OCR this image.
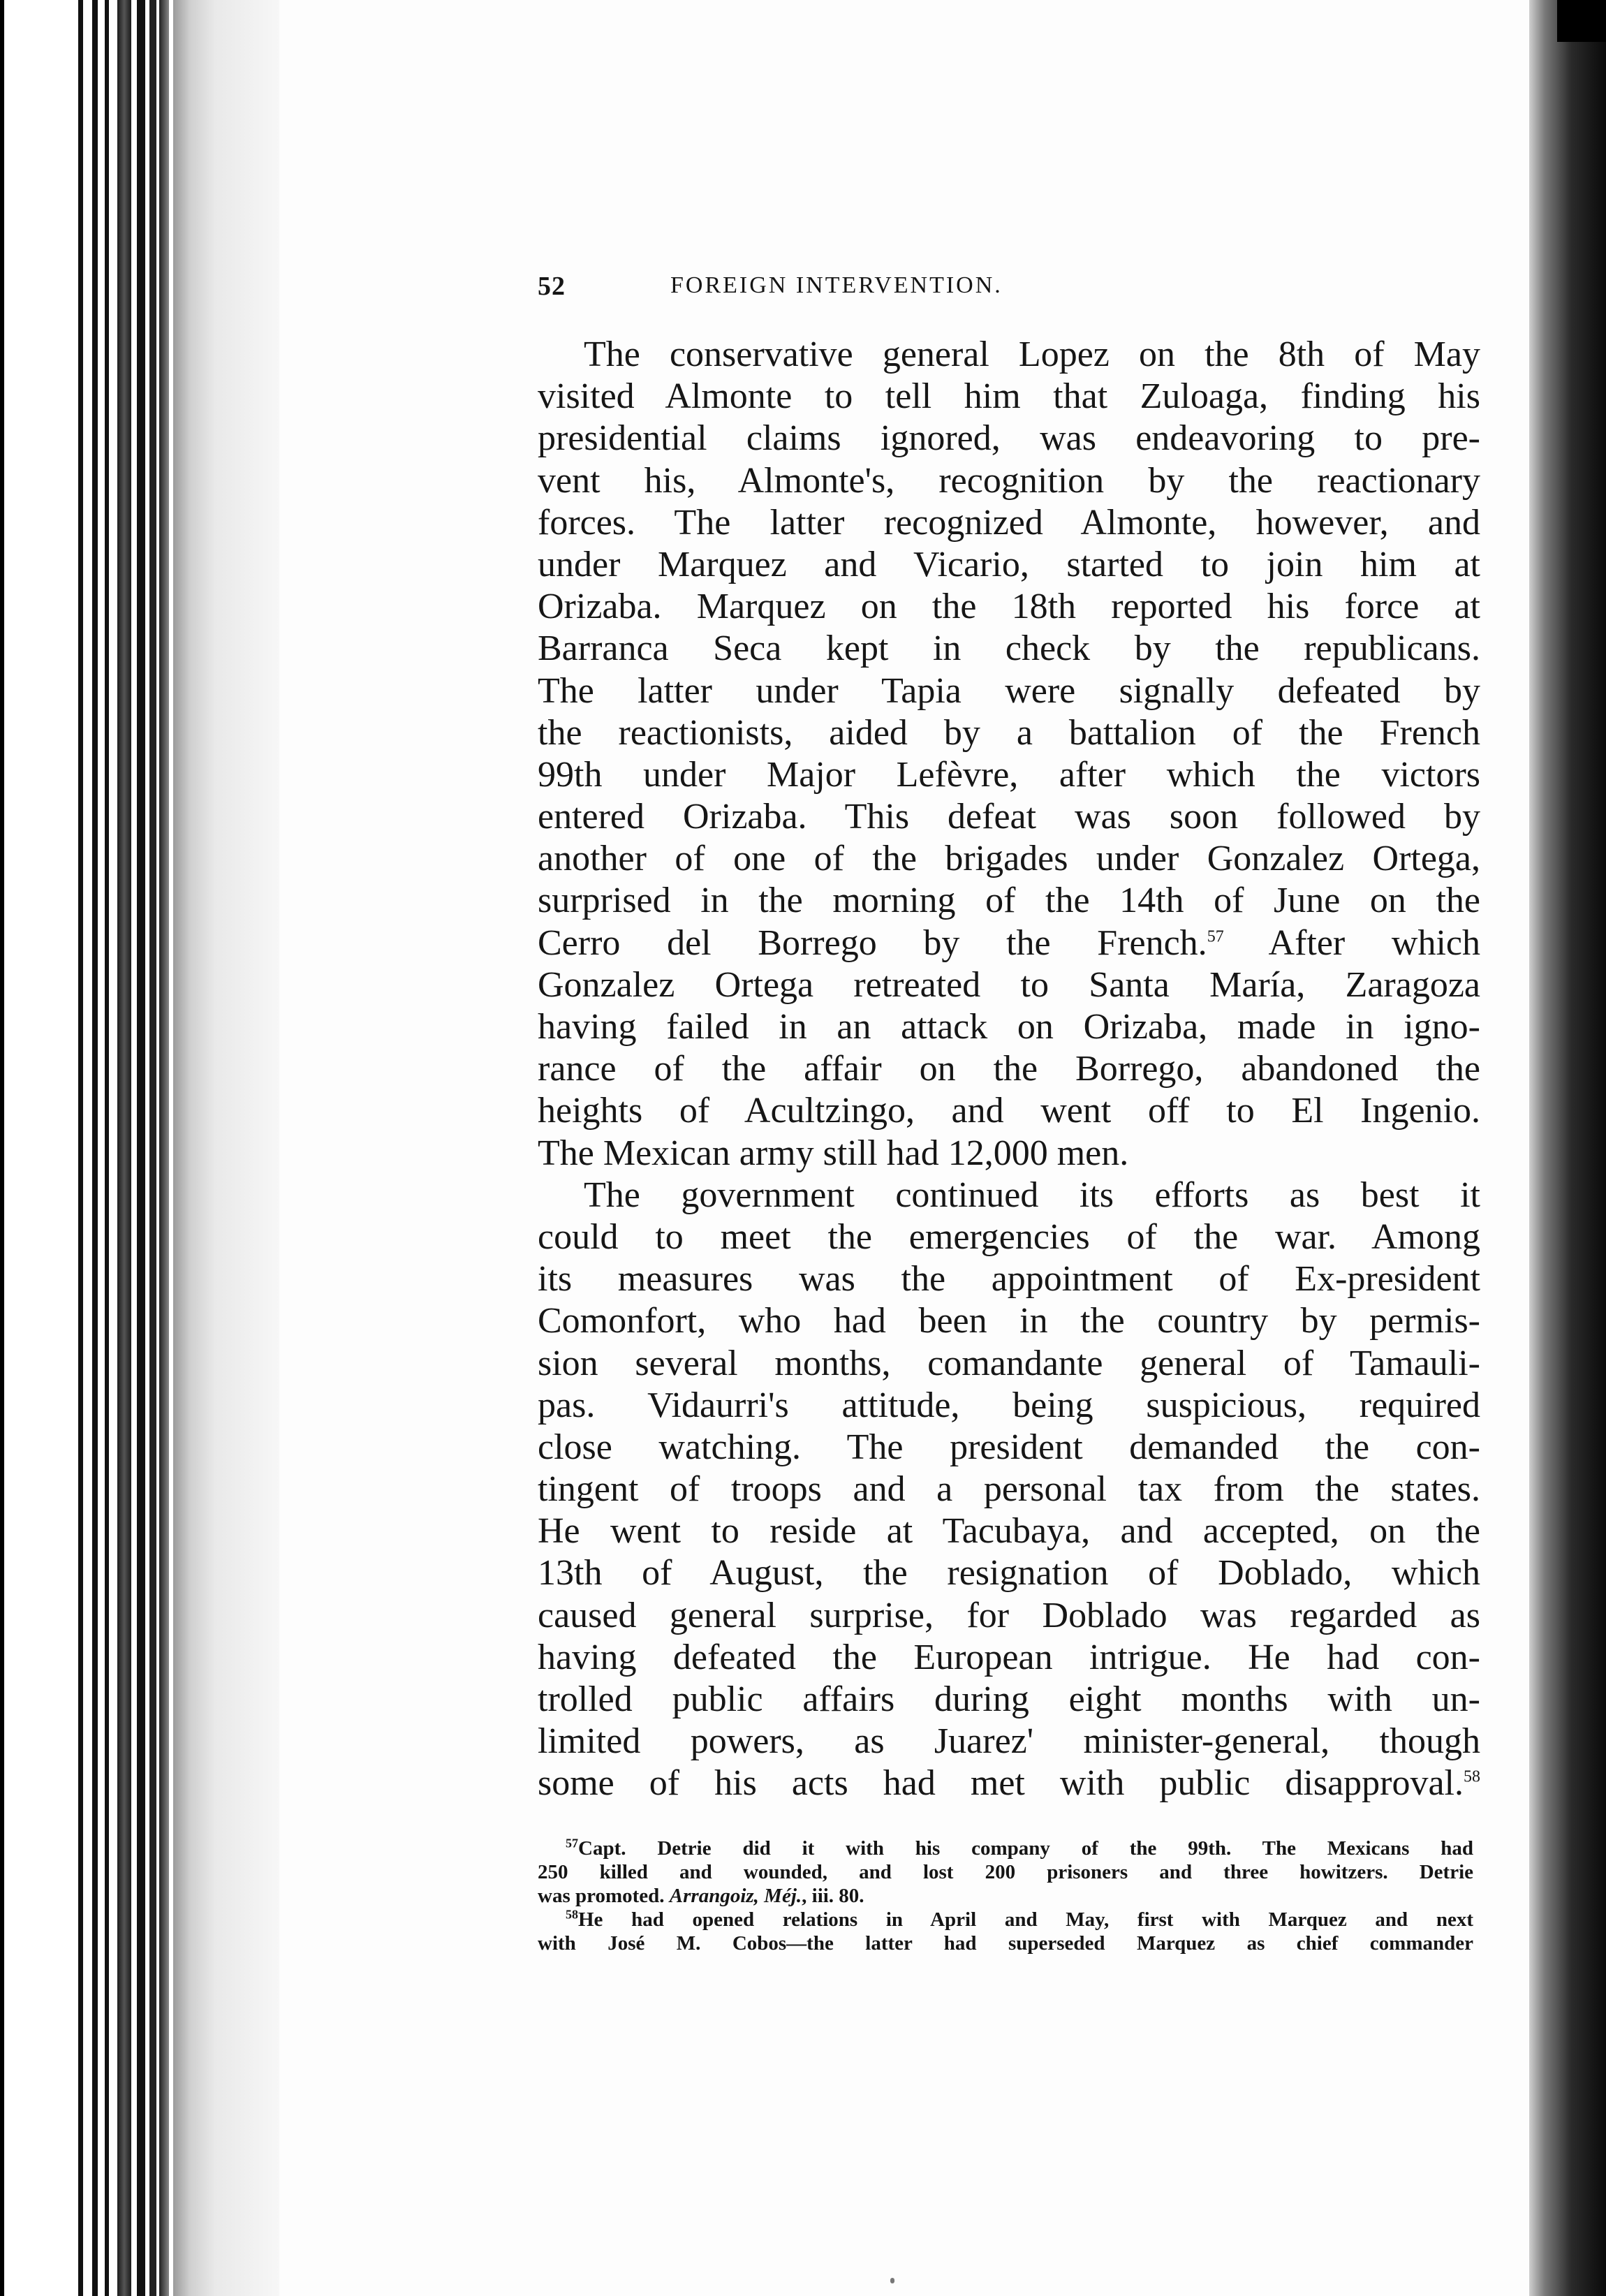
52	FOREIGN INTERVENTION.
The conservative general Lopez on the 8th of May
visited Almonte to tell him that Zuloaga, finding his
presidential claims ignored, was endeavoring to pre-
vent his, Almonte's, recognition by the reactionary
forces. The latter recognized Almonte, however, and
under Marquez and Vicario, started to join him at
Orizaba. Marquez on the 18th reported his force at
Barranca Seca kept in check by the republicans.
The latter under Tapia were signally defeated by
the reactionists, aided by a battalion of the French
99th under Major Lefèvre, after which the victors
entered Orizaba. This defeat was soon followed by
another of one of the brigades under Gonzalez Ortega,
surprised in the morning of the 14th of June on the
Cerro del Borrego by the French.$^{57}$ After which
Gonzalez Ortega retreated to Santa María, Zaragoza
having failed in an attack on Orizaba, made in igno-
rance of the affair on the Borrego, abandoned the
heights of Acultzingo, and went off to El Ingenio.
The Mexican army still had 12,000 men.
The government continued its efforts as best it
could to meet the emergencies of the war. Among
its measures was the appointment of Ex-president
Comonfort, who had been in the country by permis-
sion several months, comandante general of Tamauli-
pas. Vidaurri's attitude, being suspicious, required
close watching. The president demanded the con-
tingent of troops and a personal tax from the states.
He went to reside at Tacubaya, and accepted, on the
13th of August, the resignation of Doblado, which
caused general surprise, for Doblado was regarded as
having defeated the European intrigue. He had con-
trolled public affairs during eight months with un-
limited powers, as Juarez' minister-general, though
some of his acts had met with public disapproval.$^{58}$
$^{57}$Capt. Detrie did it with his company of the 99th. The Mexicans had
250 killed and wounded, and lost 200 prisoners and three howitzers. Detrie
was promoted. Arrangoiz, Méj., iii. 80.
$^{58}$He had opened relations in April and May, first with Marquez and next
with José M. Cobos—the latter had superseded Marquez as chief commander
